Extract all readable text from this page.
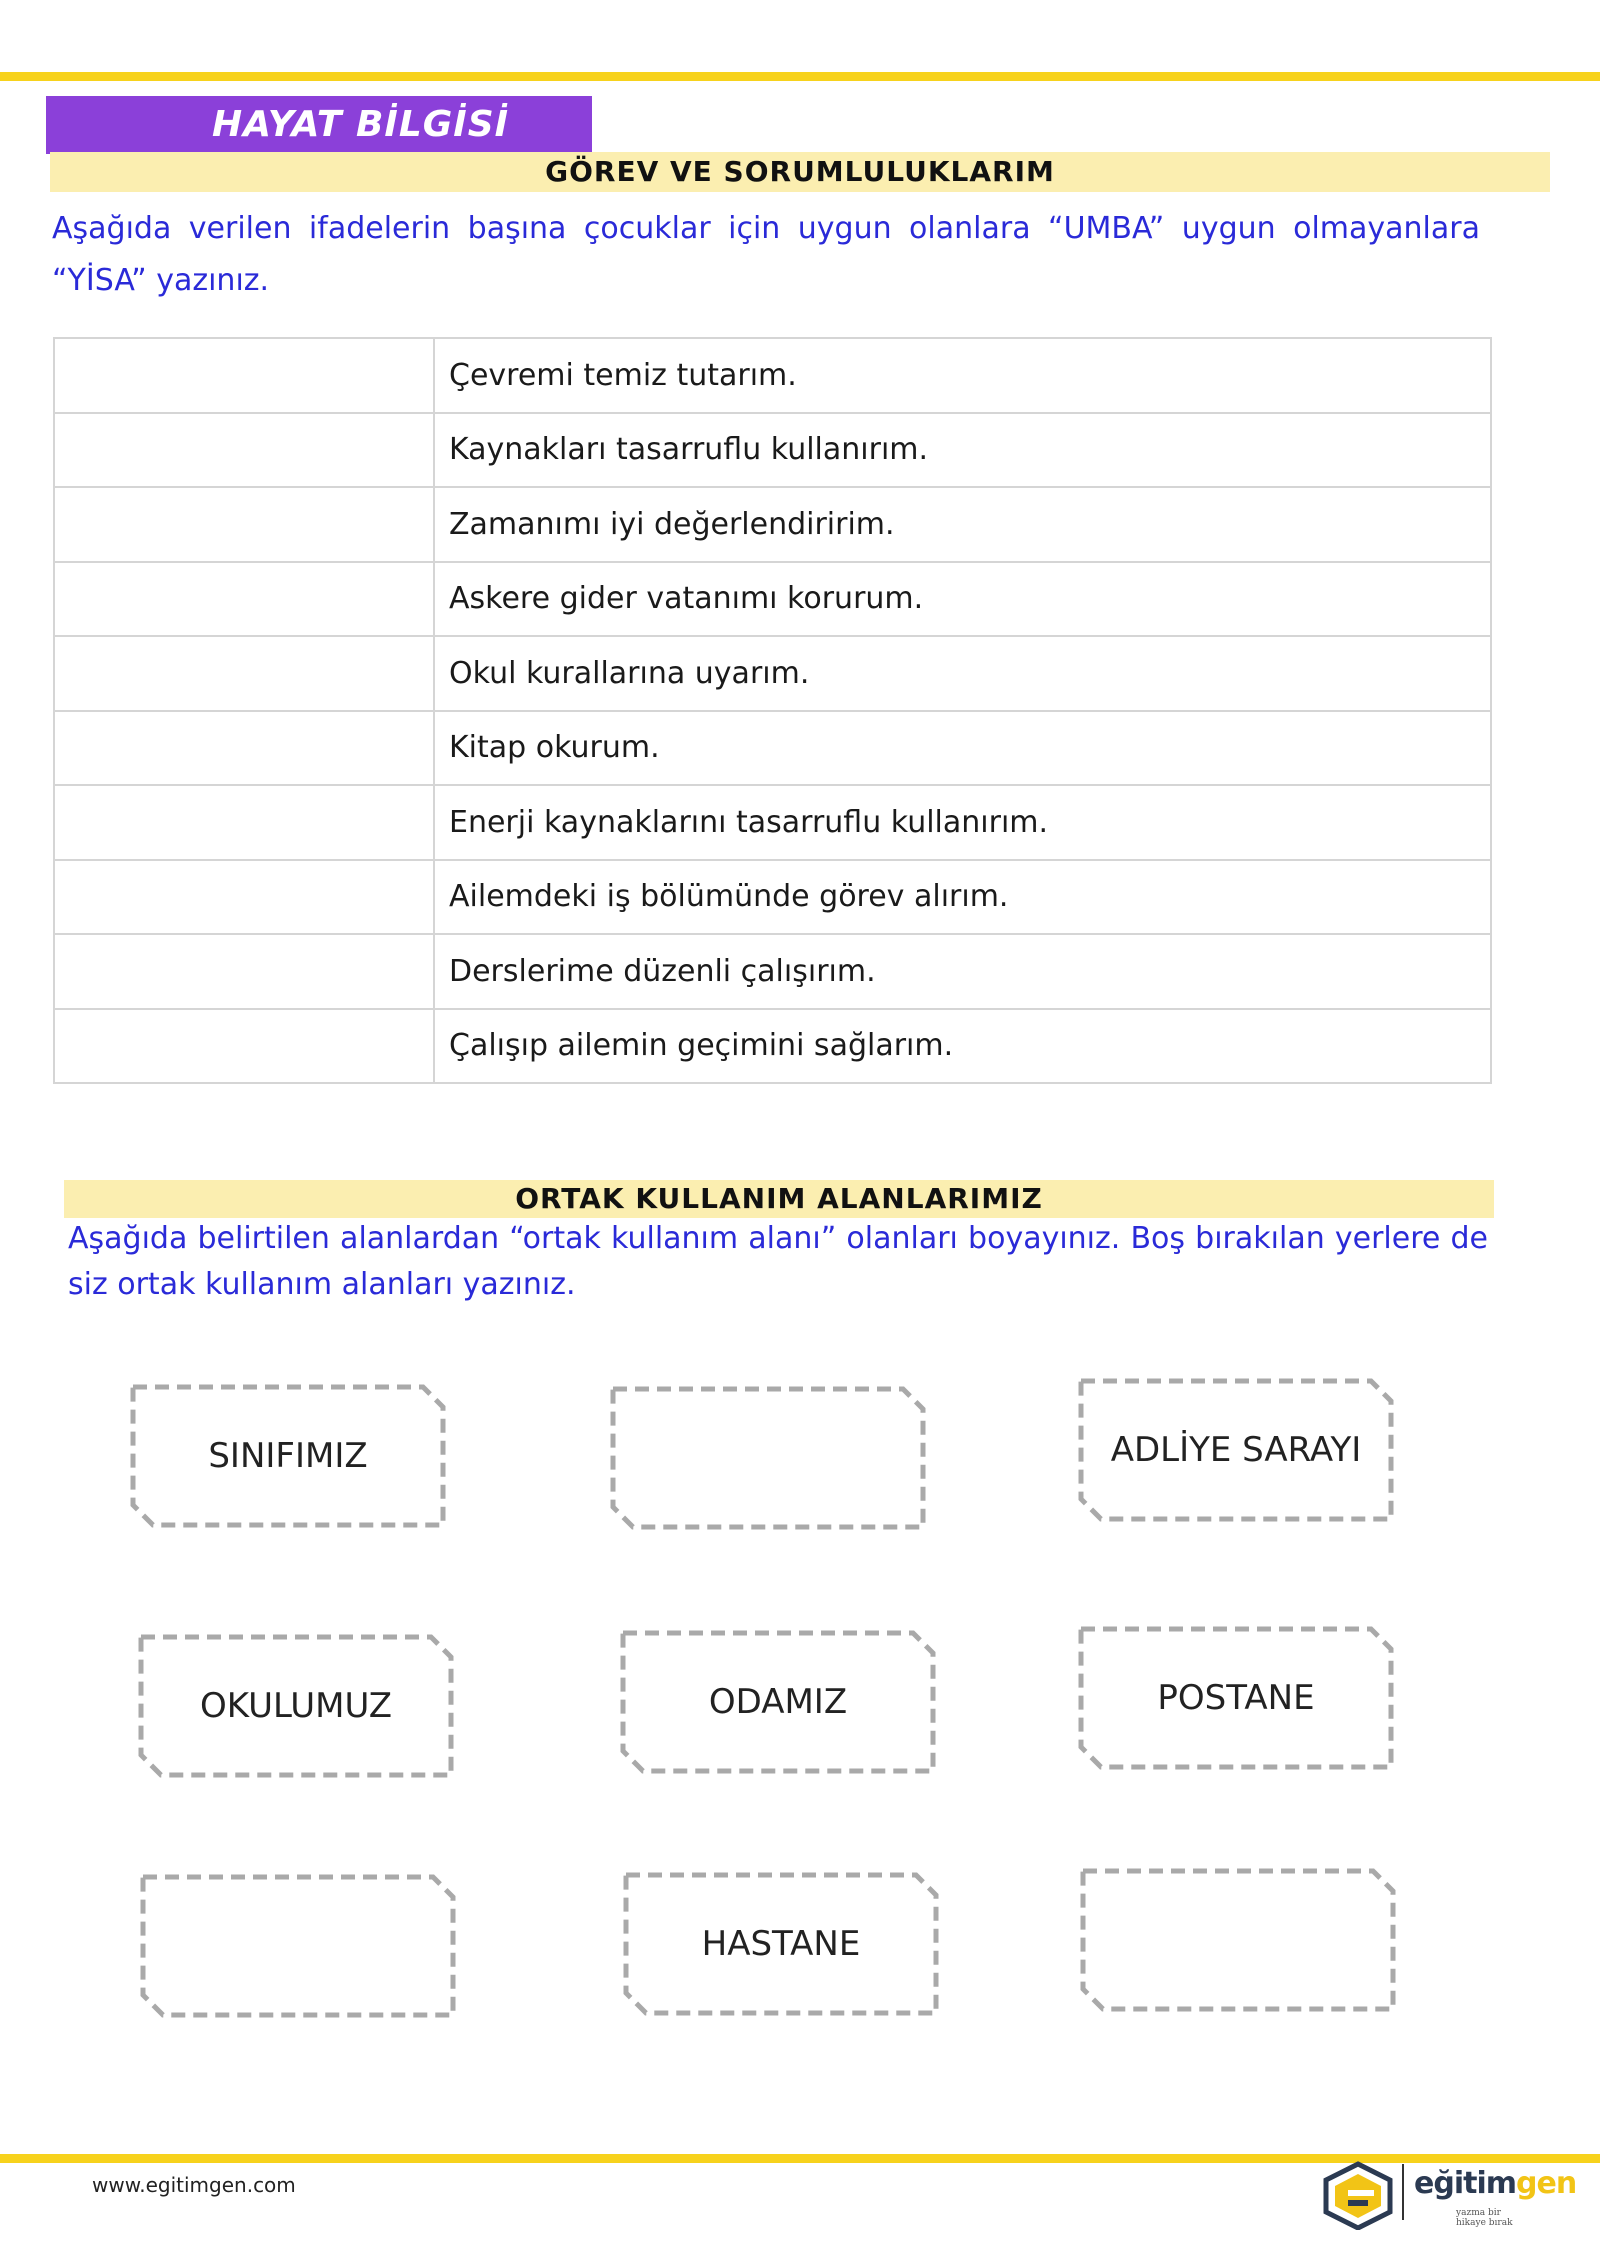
HAYAT BİLGİSİ
GÖREV VE SORUMLULUKLARIM
Aşağıda verilen ifadelerin başına çocuklar için uygun olanlara “UMBA” uygun olmayanlara “YİSA” yazınız.
	Çevremi temiz tutarım.
	Kaynakları tasarruflu kullanırım.
	Zamanımı iyi değerlendiririm.
	Askere gider vatanımı korurum.
	Okul kurallarına uyarım.
	Kitap okurum.
	Enerji kaynaklarını tasarruflu kullanırım.
	Ailemdeki iş bölümünde görev alırım.
	Derslerime düzenli çalışırım.
	Çalışıp ailemin geçimini sağlarım.
ORTAK KULLANIM ALANLARIMIZ
Aşağıda belirtilen alanlardan “ortak kullanım alanı” olanları boyayınız. Boş bırakılan yerlere de siz ortak kullanım alanları yazınız.
SINIFIMIZ	ADLİYE SARAYI
OKULUMUZ	ODAMIZ	POSTANE
HASTANE
www.egitimgen.com	eğitimgen
yazma bir hikaye bırak
